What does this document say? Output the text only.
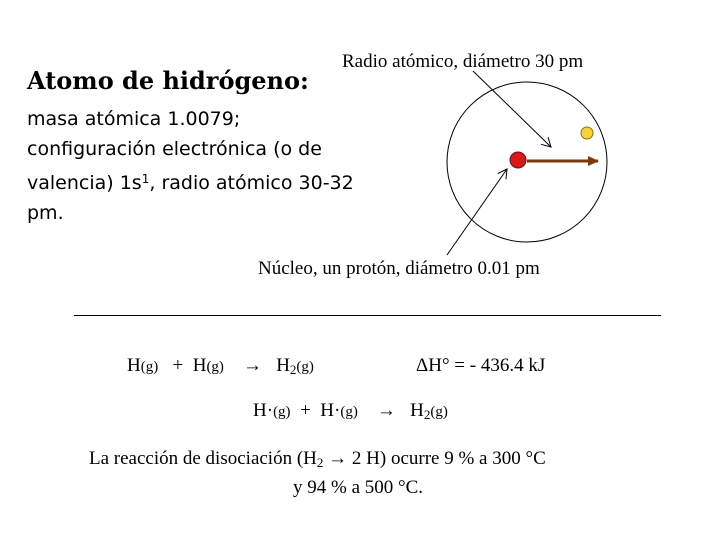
Atomo de hidrógeno:
masa atómica 1.0079; configuración electrónica (o de valencia) $1s^1$, radio atómico 30-32 pm.
Radio atómico, diámetro 30 pm
Núcleo, un protón, diámetro 0.01 pm
$H(g) + H(g) \to H_2(g)$	ΔH° = - 436.4 kJ
$H\cdot(g) + H\cdot(g) \to H_2(g)$
La reacción de disociación ($H_2 \to 2$ H) ocurre 9 % a 300 °C
y 94 % a 500 °C.
